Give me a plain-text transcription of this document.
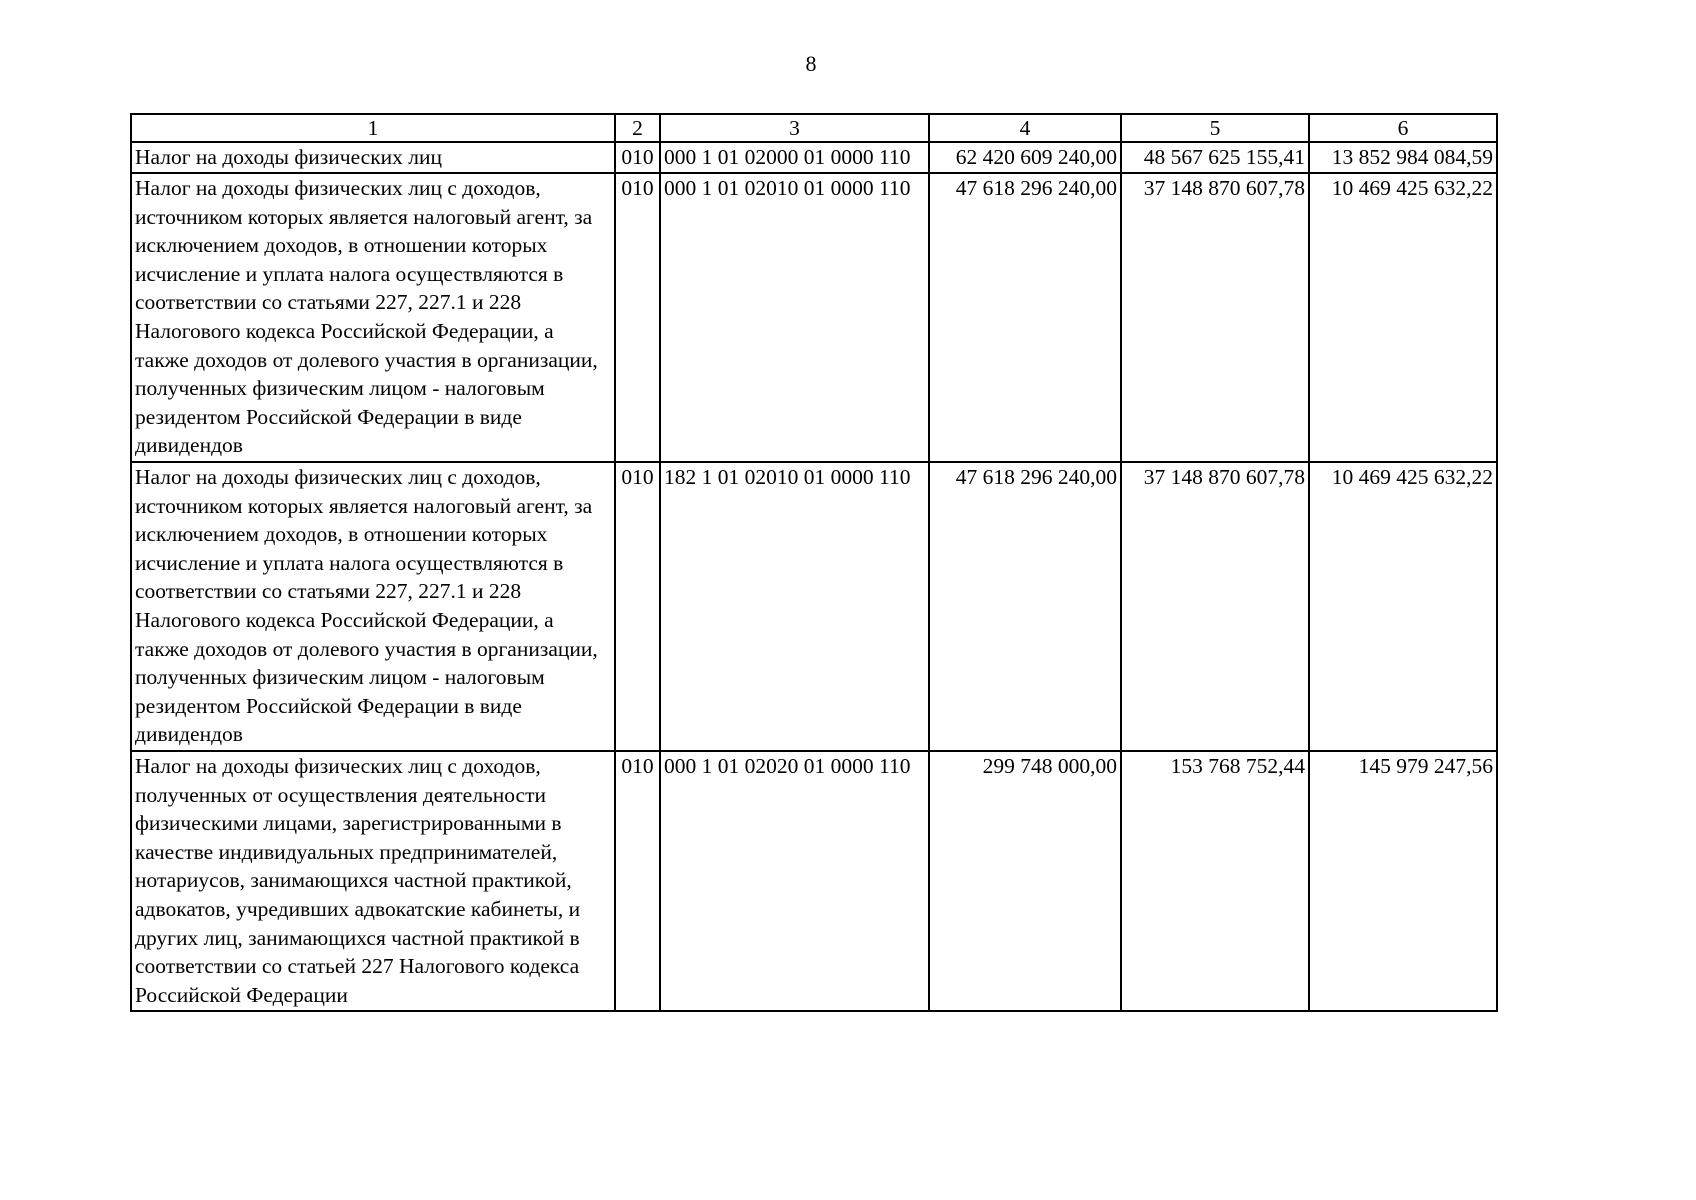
8
1	2	3	4	5	6
Налог на доходы физических лиц	010	000 1 01 02000 01 0000 110	62 420 609 240,00	48 567 625 155,41	13 852 984 084,59
Налог на доходы физических лиц с доходов, источником которых является налоговый агент, за исключением доходов, в отношении которых исчисление и уплата налога осуществляются в соответствии со статьями 227, 227.1 и 228 Налогового кодекса Российской Федерации, а также доходов от долевого участия в организации, полученных физическим лицом - налоговым резидентом Российской Федерации в виде дивидендов	010	000 1 01 02010 01 0000 110	47 618 296 240,00	37 148 870 607,78	10 469 425 632,22
Налог на доходы физических лиц с доходов, источником которых является налоговый агент, за исключением доходов, в отношении которых исчисление и уплата налога осуществляются в соответствии со статьями 227, 227.1 и 228 Налогового кодекса Российской Федерации, а также доходов от долевого участия в организации, полученных физическим лицом - налоговым резидентом Российской Федерации в виде дивидендов	010	182 1 01 02010 01 0000 110	47 618 296 240,00	37 148 870 607,78	10 469 425 632,22
Налог на доходы физических лиц с доходов, полученных от осуществления деятельности физическими лицами, зарегистрированными в качестве индивидуальных предпринимателей, нотариусов, занимающихся частной практикой, адвокатов, учредивших адвокатские кабинеты, и других лиц, занимающихся частной практикой в соответствии со статьей 227 Налогового кодекса Российской Федерации	010	000 1 01 02020 01 0000 110	299 748 000,00	153 768 752,44	145 979 247,56
